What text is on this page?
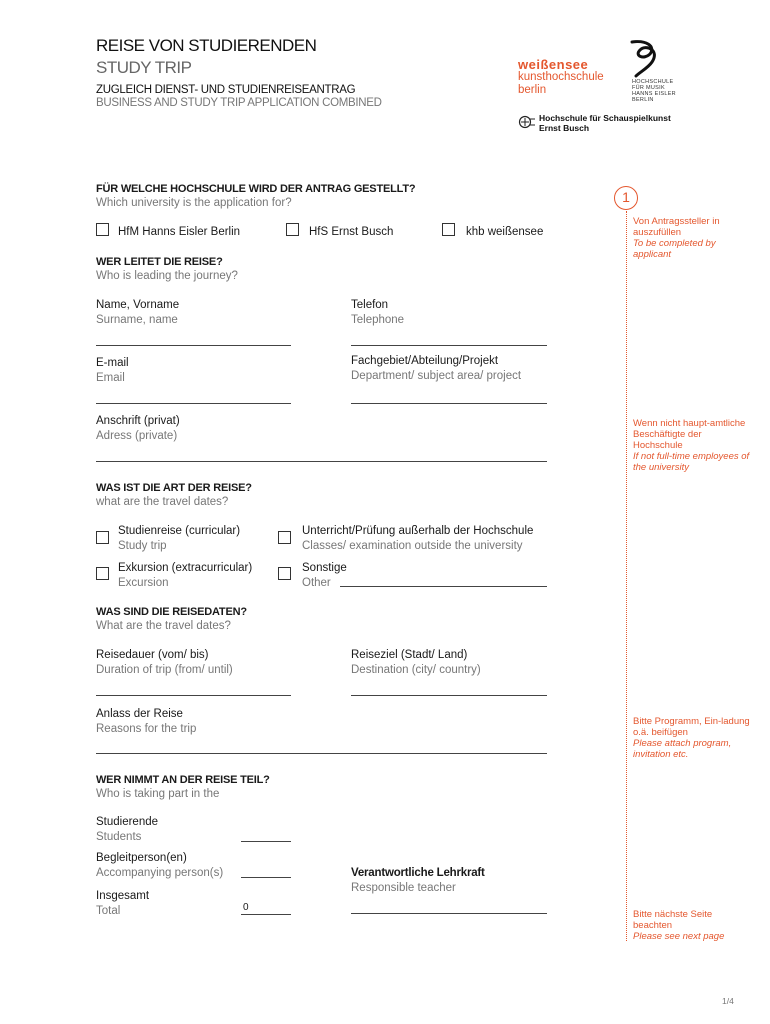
REISE VON STUDIERENDEN
STUDY TRIP
ZUGLEICH DIENST- UND STUDIENREISEANTRAG
BUSINESS AND STUDY TRIP APPLICATION COMBINED
weißensee
kunsthochschule
berlin
HOCHSCHULE
FÜR MUSIK
HANNS EISLER
BERLIN
Hochschule für Schauspielkunst
Ernst Busch
1
Von Antragssteller in auszufüllen
To be completed by applicant
Wenn nicht haupt-amtliche Beschäftigte der Hochschule
If not full-time employees of the university
Bitte Programm, Ein-ladung o.ä. beifügen
Please attach program, invitation etc.
Bitte nächste Seite beachten
Please see next page
FÜR WELCHE HOCHSCHULE WIRD DER ANTRAG GESTELLT?
Which university is the application for?
HfM Hanns Eisler Berlin	HfS Ernst Busch	khb weißensee
WER LEITET DIE REISE?
Who is leading the journey?
Name, Vorname
Surname, name
Telefon
Telephone
E-mail
Email
Fachgebiet/Abteilung/Projekt
Department/ subject area/ project
Anschrift (privat)
Adress (private)
WAS IST DIE ART DER REISE?
what are the travel dates?
Studienreise (curricular)
Study trip
Unterricht/Prüfung außerhalb der Hochschule
Classes/ examination outside the university
Exkursion (extracurricular)
Excursion
Sonstige
Other
WAS SIND DIE REISEDATEN?
What are the travel dates?
Reisedauer (vom/ bis)
Duration of trip (from/ until)
Reiseziel (Stadt/ Land)
Destination (city/ country)
Anlass der Reise
Reasons for the trip
WER NIMMT AN DER REISE TEIL?
Who is taking part in the
Studierende
Students
Begleitperson(en)
Accompanying person(s)
Insgesamt
Total	0
Verantwortliche Lehrkraft
Responsible teacher
1/4
